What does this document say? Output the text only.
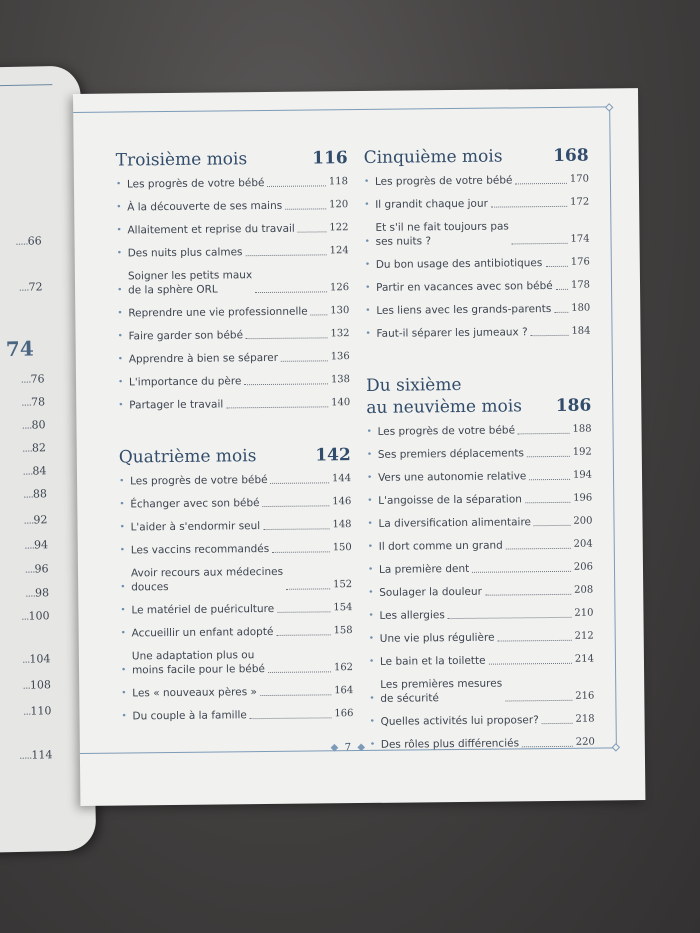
.....66
....72
74
....76
....78
....80
....82
....84
....88
....92
....94
....96
....98
...100
...104
...108
...110
.....114
Troisième mois	116
• Les progrès de votre bébé	118
• À la découverte de ses mains	120
• Allaitement et reprise du travail	122
• Des nuits plus calmes	124
•
Soigner les petits maux
de la sphère ORL	126
• Reprendre une vie professionnelle 130
• Faire garder son bébé	132
• Apprendre à bien se séparer	136
• L'importance du père	138
• Partager le travail	140
Quatrième mois	142
• Les progrès de votre bébé	144
• Échanger avec son bébé	146
• L'aider à s'endormir seul	148
• Les vaccins recommandés	150
•
Avoir recours aux médecines
douces	152
• Le matériel de puériculture	154
• Accueillir un enfant adopté	158
•
Une adaptation plus ou
moins facile pour le bébé	162
• Les « nouveaux pères »	164
• Du couple à la famille	166
Cinquième mois	168
• Les progrès de votre bébé	170
• Il grandit chaque jour	172
•
Et s'il ne fait toujours pas
ses nuits ?	174
• Du bon usage des antibiotiques	176
• Partir en vacances avec son bébé 178
• Les liens avec les grands-parents 180
• Faut-il séparer les jumeaux ?	184
Du sixième
au neuvième mois 186
• Les progrès de votre bébé	188
• Ses premiers déplacements	192
• Vers une autonomie relative	194
• L'angoisse de la séparation	196
• La diversification alimentaire	200
• Il dort comme un grand	204
• La première dent	206
• Soulager la douleur	208
• Les allergies	210
• Une vie plus régulière	212
• Le bain et la toilette	214
•
Les premières mesures
de sécurité	216
• Quelles activités lui proposer?	218
• Des rôles plus différenciés	220
◆ 7 ◆
